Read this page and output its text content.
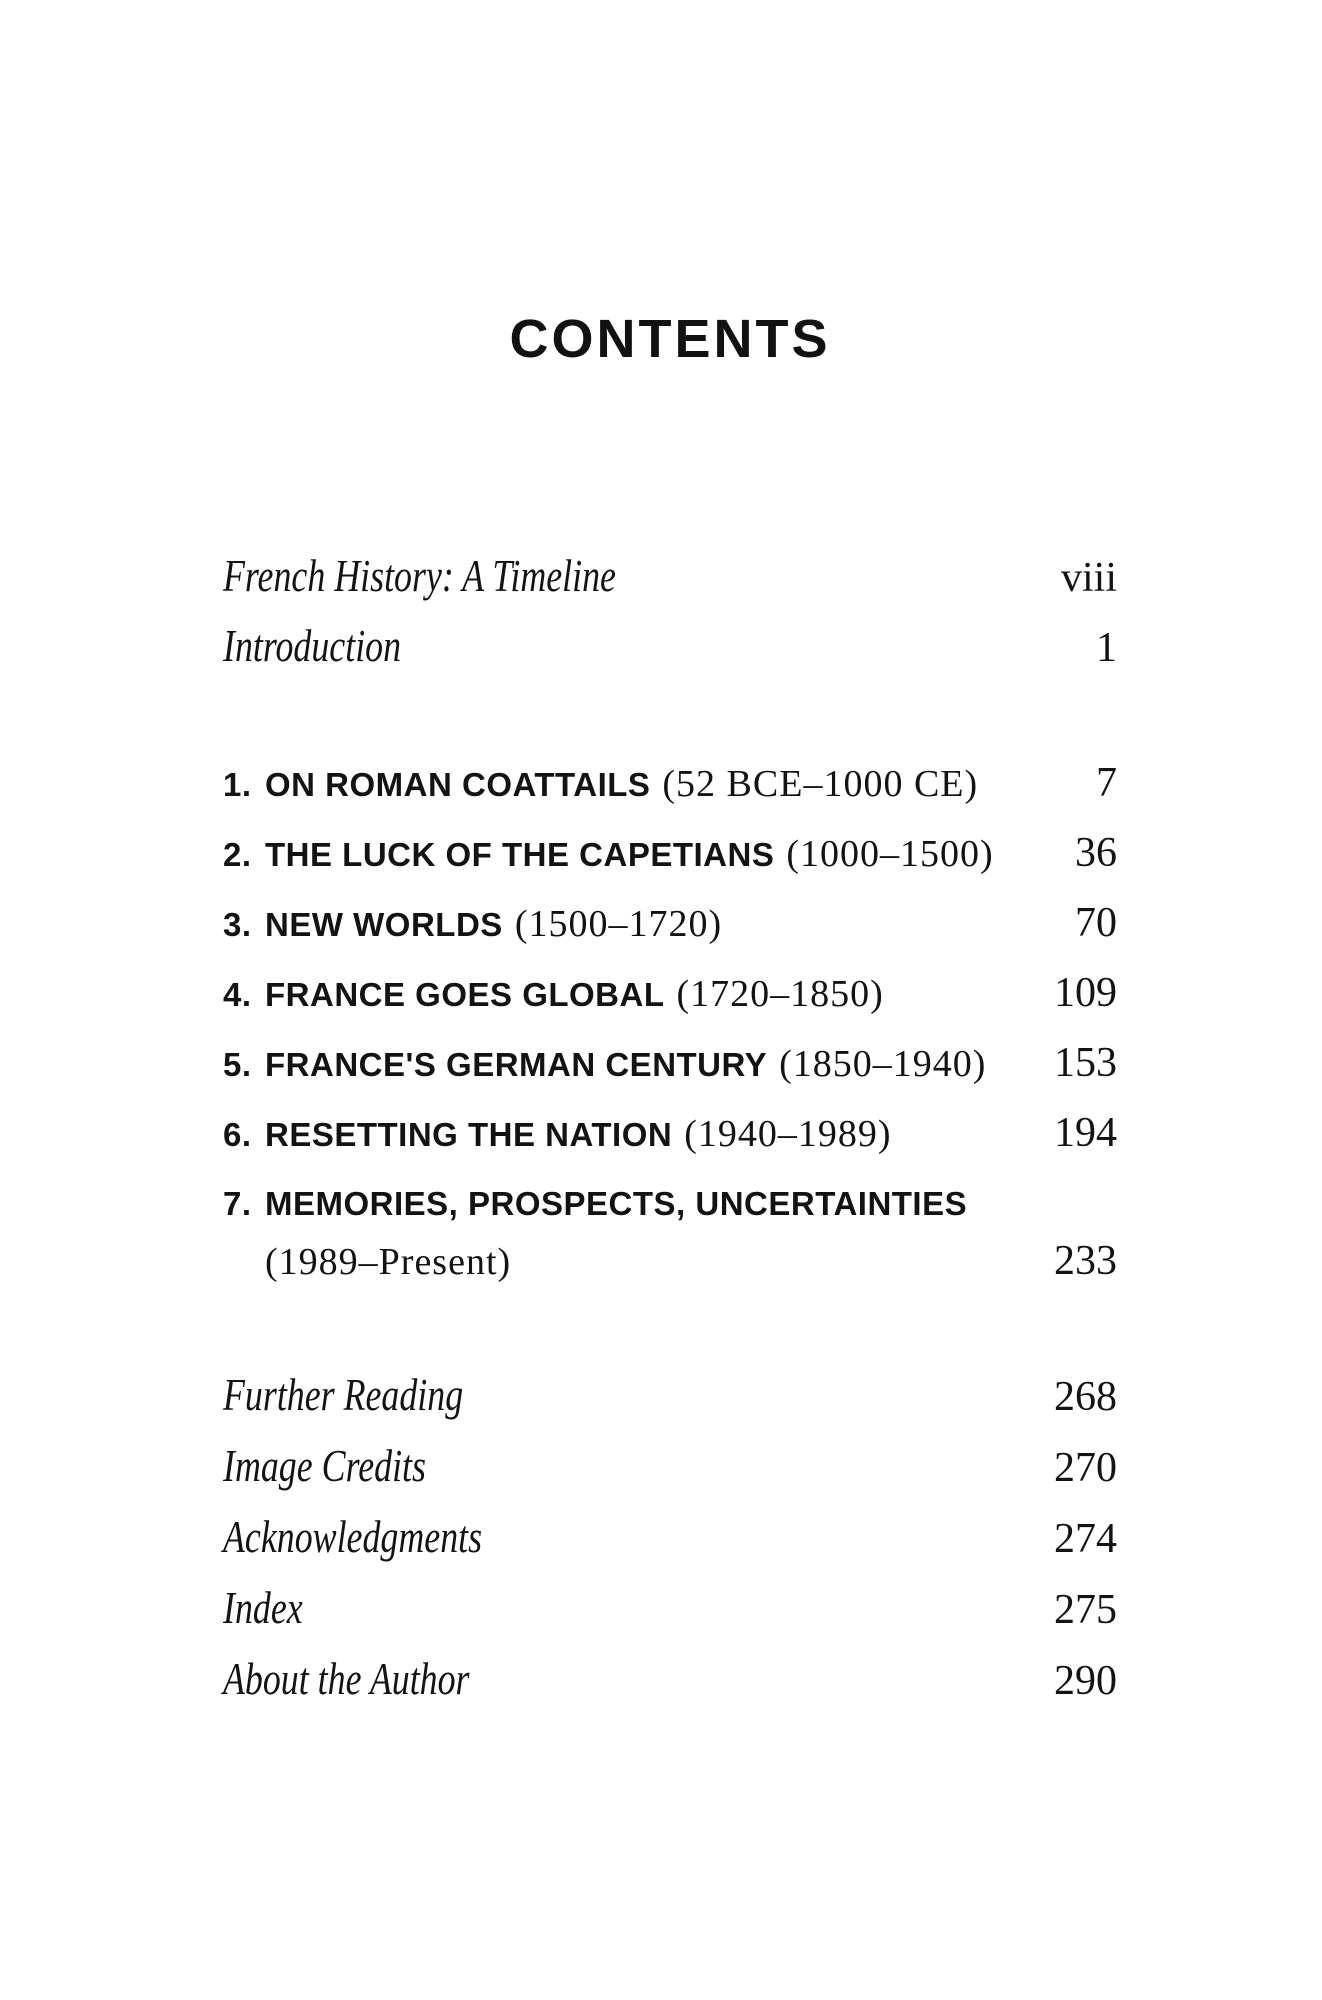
CONTENTS
French History: A Timeline	viii
Introduction	1
1. ON ROMAN COATTAILS (52 BCE–1000 CE)	7
2. THE LUCK OF THE CAPETIANS (1000–1500) 36
3. NEW WORLDS (1500–1720)	70
4. FRANCE GOES GLOBAL (1720–1850)	109
5. FRANCE'S GERMAN CENTURY (1850–1940) 153
6. RESETTING THE NATION (1940–1989)	194
7. MEMORIES, PROSPECTS, UNCERTAINTIES
(1989–Present)	233
Further Reading	268
Image Credits	270
Acknowledgments	274
Index	275
About the Author	290
